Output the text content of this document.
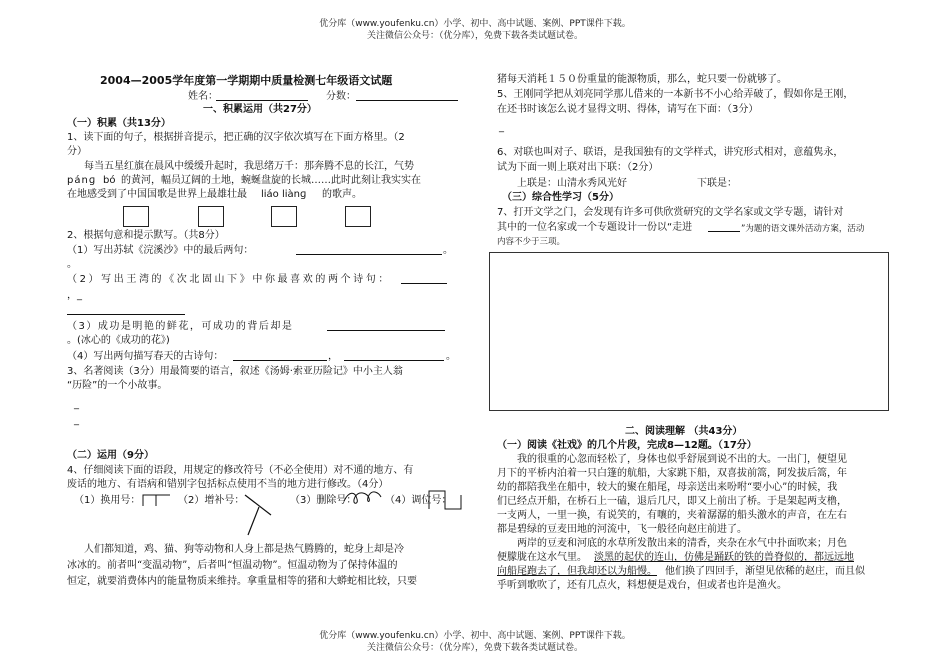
优分库（www.youfenku.cn）小学、初中、高中试题、案例、PPT课件下载。
关注微信公众号：（优分库），免费下载各类试题试卷。
2004—2005学年度第一学期期中质量检测七年级语文试题
姓名：	分数：
一、积累运用（共27分）
（一）积累（共13分）
1、读下面的句子，根据拼音提示，把正确的汉字依次填写在下面方格里。（2
分）
每当五星红旗在晨风中缓缓升起时，我思绪万千：那奔腾不息的长江，气势
pánɡ bó 的黄河，幅员辽阔的土地，蜿蜒盘旋的长城……此时此刻让我实实在
在地感受到了中国国歌是世界上最雄壮最 liáo liànɡ 的歌声。
2、根据句意和提示默写。（共8分）
（1）写出苏轼《浣溪沙》中的最后两句：	。
。
（2）写出王湾的《次北固山下》中你最喜欢的两个诗句：
，_
（3）成功是明艳的鲜花，可成功的背后却是
。(冰心的《成功的花》)
（4）写出两句描写春天的古诗句：	，	。
3、名著阅读（3分）用最简要的语言，叙述《汤姆·索亚历险记》中小主人翁
“历险”的一个小故事。
_
_
（二）运用（9分）
4、仔细阅读下面的语段，用规定的修改符号（不必全使用）对不通的地方、有
废话的地方、有语病和错别字包括标点使用不当的地方进行修改。（4分）
（1）换用号：	（2）增补号：	（3）删除号：	（4）调位号：
人们都知道，鸡、猫、狗等动物和人身上都是热气腾腾的，蛇身上却是冷
冰冰的。前者叫“变温动物”，后者叫“恒温动物”。恒温动物为了保持体温的
恒定，就要消费体内的能量物质来维持。拿重量相等的猪和大蟒蛇相比较，只要
猪每天消耗１５０份重量的能源物质，那么，蛇只要一份就够了。
5、王刚同学把从刘亮同学那儿借来的一本新书不小心给弄破了，假如你是王刚，
在还书时该怎么说才显得文明、得体，请写在下面：（3分）
_
6、对联也叫对子、联语，是我国独有的文学样式，讲究形式相对，意蕴隽永，
试为下面一则上联对出下联：（2分）
上联是：山清水秀风光好	下联是：
（三）综合性学习（5分）
7、打开文学之门，会发现有许多可供欣赏研究的文学名家或文学专题，请针对
其中的一位名家或一个专题设计一份以“走进	”为题的语文课外活动方案，活动
内容不少于三项。
二、阅读理解 （共43分）
（一）阅读《社戏》的几个片段，完成8—12题。（17分）
我的很重的心忽而轻松了，身体也似乎舒展到说不出的大。一出门，便望见
月下的平桥内泊着一只白篷的航船，大家跳下船，双喜拔前篙，阿发拔后篙，年
幼的都陪我坐在船中，较大的聚在船尾，母亲送出来吩咐“要小心”的时候，我
们已经点开船，在桥石上一磕，退后几尺，即又上前出了桥。于是架起两支橹，
一支两人，一里一换，有说笑的，有嚷的，夹着潺潺的船头激水的声音，在左右
都是碧绿的豆麦田地的河流中，飞一般径向赵庄前进了。
两岸的豆麦和河底的水草所发散出来的清香，夹杂在水气中扑面吹来；月色
便朦胧在这水气里。 淡黑的起伏的连山，仿佛是踊跃的铁的兽脊似的，都远远地
向船尾跑去了，但我却还以为船慢。 他们换了四回手，渐望见依稀的赵庄，而且似
乎听到歌吹了，还有几点火，料想便是戏台，但或者也许是渔火。
优分库（www.youfenku.cn）小学、初中、高中试题、案例、PPT课件下载。
关注微信公众号：（优分库），免费下载各类试题试卷。
